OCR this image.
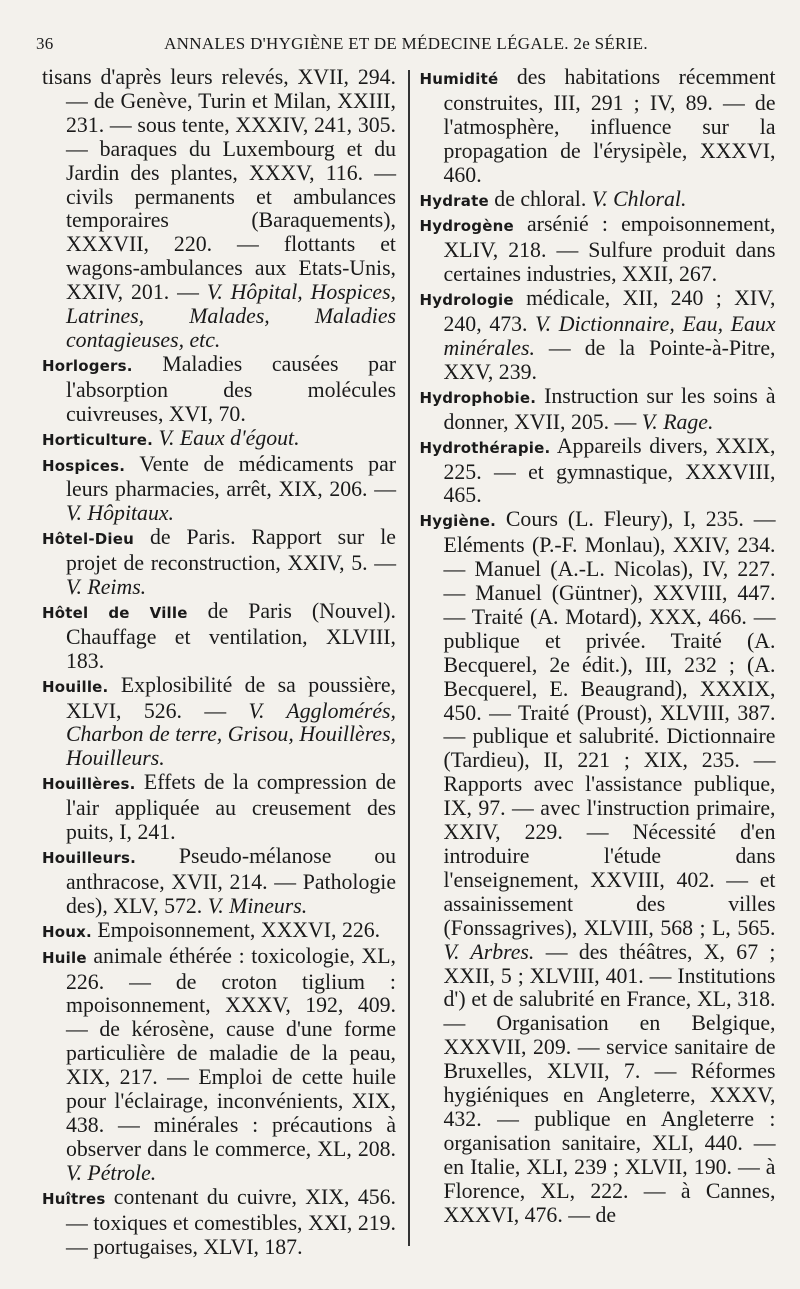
36	ANNALES D'HYGIÈNE ET DE MÉDECINE LÉGALE. 2e SÉRIE.

tisans d'après leurs relevés, XVII, 294. — de Genève, Turin et Milan, XXIII, 231. — sous tente, XXXIV, 241, 305. — baraques du Luxembourg et du Jardin des plantes, XXXV, 116. — civils permanents et ambulances temporaires (Baraquements), XXXVII, 220. — flottants et wagons-ambulances aux Etats-Unis, XXIV, 201. — V. Hôpital, Hospices, Latrines, Malades, Maladies contagieuses, etc.

Horlogers. Maladies causées par l'absorption des molécules cuivreuses, XVI, 70.

Horticulture. V. Eaux d'égout.

Hospices. Vente de médicaments par leurs pharmacies, arrêt, XIX, 206. — V. Hôpitaux.

Hôtel-Dieu de Paris. Rapport sur le projet de reconstruction, XXIV, 5. — V. Reims.

Hôtel de Ville de Paris (Nouvel). Chauffage et ventilation, XLVIII, 183.

Houille. Explosibilité de sa poussière, XLVI, 526. — V. Agglomérés, Charbon de terre, Grisou, Houillères, Houilleurs.

Houillères. Effets de la compression de l'air appliquée au creusement des puits, I, 241.

Houilleurs. Pseudo-mélanose ou anthracose, XVII, 214. — Pathologie des), XLV, 572. V. Mineurs.

Houx. Empoisonnement, XXXVI, 226.

Huile animale éthérée : toxicologie, XL, 226. — de croton tiglium : mpoisonnement, XXXV, 192, 409. — de kérosène, cause d'une forme particulière de maladie de la peau, XIX, 217. — Emploi de cette huile pour l'éclairage, inconvénients, XIX, 438. — minérales : précautions à observer dans le commerce, XL, 208. V. Pétrole.

Huîtres contenant du cuivre, XIX, 456. — toxiques et comestibles, XXI, 219. — portugaises, XLVI, 187.

Humidité des habitations récemment construites, III, 291 ; IV, 89. — de l'atmosphère, influence sur la propagation de l'érysipèle, XXXVI, 460.

Hydrate de chloral. V. Chloral.

Hydrogène arsénié : empoisonnement, XLIV, 218. — Sulfure produit dans certaines industries, XXII, 267.

Hydrologie médicale, XII, 240 ; XIV, 240, 473. V. Dictionnaire, Eau, Eaux minérales. — de la Pointe-à-Pitre, XXV, 239.

Hydrophobie. Instruction sur les soins à donner, XVII, 205. — V. Rage.

Hydrothérapie. Appareils divers, XXIX, 225. — et gymnastique, XXXVIII, 465.

Hygiène. Cours (L. Fleury), I, 235. — Eléments (P.-F. Monlau), XXIV, 234. — Manuel (A.-L. Nicolas), IV, 227. — Manuel (Güntner), XXVIII, 447. — Traité (A. Motard), XXX, 466. — publique et privée. Traité (A. Becquerel, 2e édit.), III, 232 ; (A. Becquerel, E. Beaugrand), XXXIX, 450. — Traité (Proust), XLVIII, 387. — publique et salubrité. Dictionnaire (Tardieu), II, 221 ; XIX, 235. — Rapports avec l'assistance publique, IX, 97. — avec l'instruction primaire, XXIV, 229. — Nécessité d'en introduire l'étude dans l'enseignement, XXVIII, 402. — et assainissement des villes (Fonssagrives), XLVIII, 568 ; L, 565. V. Arbres. — des théâtres, X, 67 ; XXII, 5 ; XLVIII, 401. — Institutions d') et de salubrité en France, XL, 318. — Organisation en Belgique, XXXVII, 209. — service sanitaire de Bruxelles, XLVII, 7. — Réformes hygiéniques en Angleterre, XXXV, 432. — publique en Angleterre : organisation sanitaire, XLI, 440. — en Italie, XLI, 239 ; XLVII, 190. — à Florence, XL, 222. — à Cannes, XXXVI, 476. — de
